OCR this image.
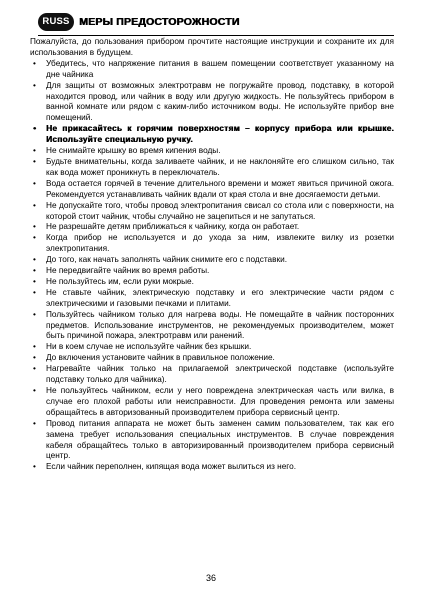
RUSS МЕРЫ ПРЕДОСТОРОЖНОСТИ

Пожалуйста, до пользования прибором прочтите настоящие инструкции и сохраните их для использования в будущем.

• Убедитесь, что напряжение питания в вашем помещении соответствует указанному на дне чайника
• Для защиты от возможных электротравм не погружайте провод, подставку, в которой находится провод, или чайник в воду или другую жидкость. Не пользуйтесь прибором в ванной комнате или рядом с каким-либо источником воды. Не используйте прибор вне помещений.
• Не прикасайтесь к горячим поверхностям – корпусу прибора или крышке. Используйте специальную ручку.
• Не снимайте крышку во время кипения воды.
• Будьте внимательны, когда заливаете чайник, и не наклоняйте его слишком сильно, так как вода может проникнуть в переключатель.
• Вода остается горячей в течение длительного времени и может явиться причиной ожога. Рекомендуется устанавливать чайник вдали от края стола и вне досягаемости детьми.
• Не допускайте того, чтобы провод электропитания свисал со стола или с поверхности, на которой стоит чайник, чтобы случайно не зацепиться и не запутаться.
• Не разрешайте детям приближаться к чайнику, когда он работает.
• Когда прибор не используется и до ухода за ним, извлеките вилку из розетки электропитания.
• До того, как начать заполнять чайник снимите его с подставки.
• Не передвигайте чайник во время работы.
• Не пользуйтесь им, если руки мокрые.
• Не ставьте чайник, электрическую подставку и его электрические части рядом с электрическими и газовыми печками и плитами.
• Пользуйтесь чайником только для нагрева воды. Не помещайте в чайник посторонних предметов. Использование инструментов, не рекомендуемых производителем, может быть причиной пожара, электротравм или ранений.
• Ни в коем случае не используйте чайник без крышки.
• До включения установите чайник в правильное положение.
• Нагревайте чайник только на прилагаемой электрической подставке (используйте подставку только для чайника).
• Не пользуйтесь чайником, если у него повреждена электрическая часть или вилка, в случае его плохой работы или неисправности. Для проведения ремонта или замены обращайтесь в авторизованный производителем прибора сервисный центр.
• Провод питания аппарата не может быть заменен самим пользователем, так как его замена требует использования специальных инструментов. В случае повреждения кабеля обращайтесь только в авторизированный производителем прибора сервисный центр.
• Если чайник переполнен, кипящая вода может вылиться из него.
36
